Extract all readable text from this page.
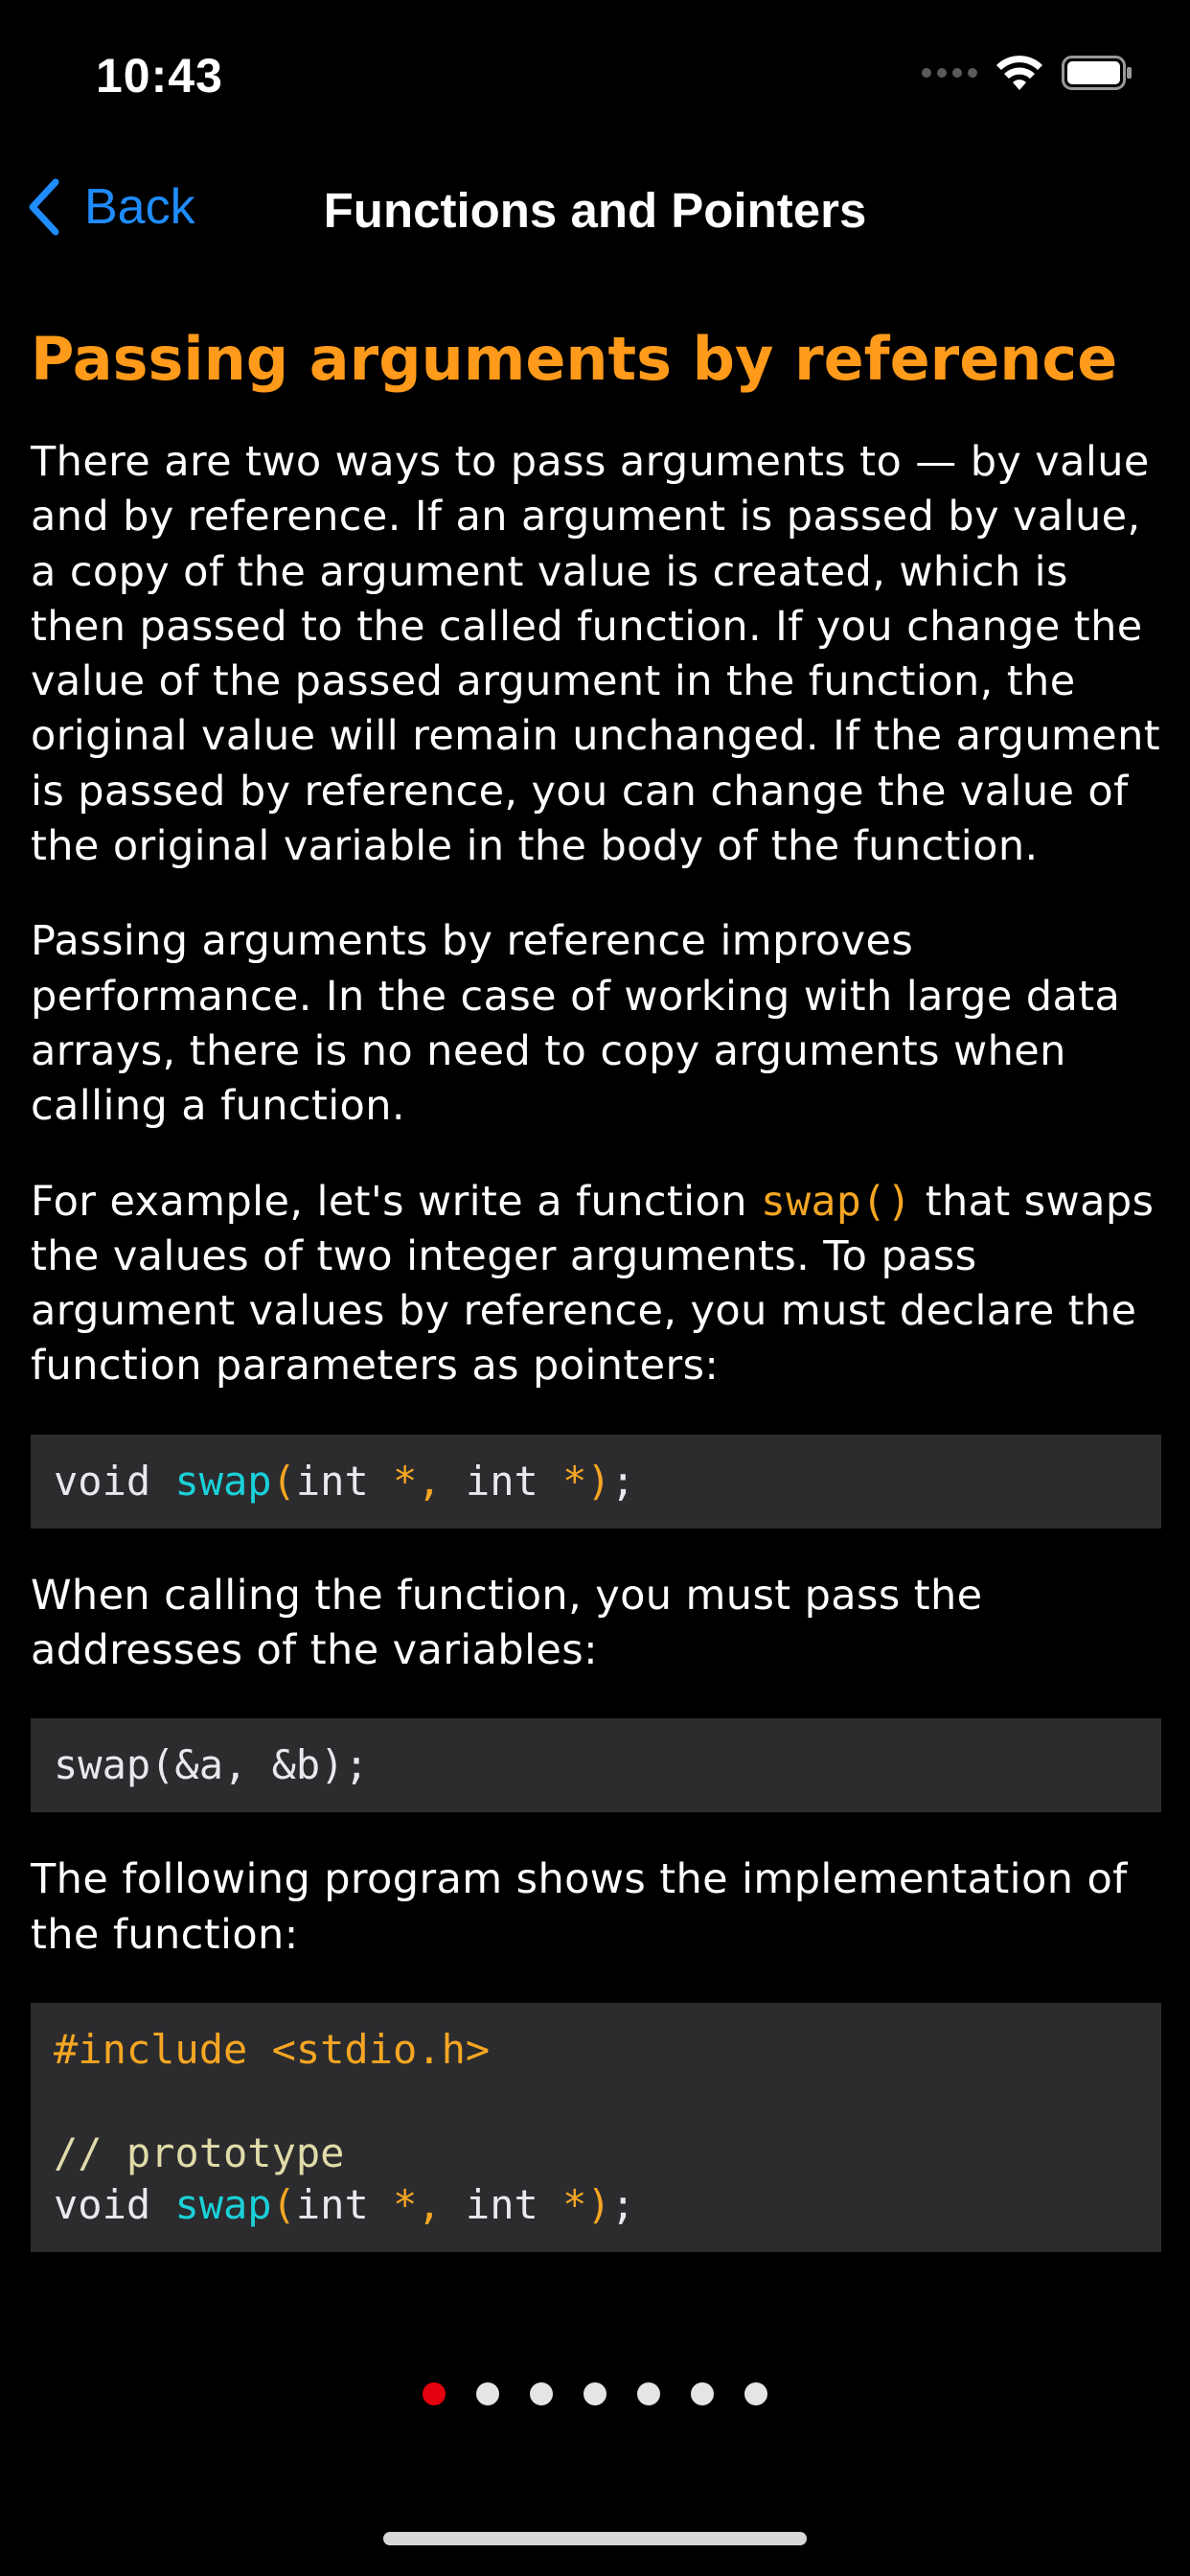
10:43
Back	Functions and Pointers
Passing arguments by reference

There are two ways to pass arguments to — by value and by reference. If an argument is passed by value, a copy of the argument value is created, which is then passed to the called function. If you change the value of the passed argument in the function, the original value will remain unchanged. If the argument is passed by reference, you can change the value of the original variable in the body of the function.

Passing arguments by reference improves performance. In the case of working with large data arrays, there is no need to copy arguments when calling a function.

For example, let's write a function swap() that swaps the values of two integer arguments. To pass argument values by reference, you must declare the function parameters as pointers:

void swap(int *, int *);

When calling the function, you must pass the addresses of the variables:

swap(&a, &b);

The following program shows the implementation of the function:

#include <stdio.h>

// prototype
void swap(int *, int *);
